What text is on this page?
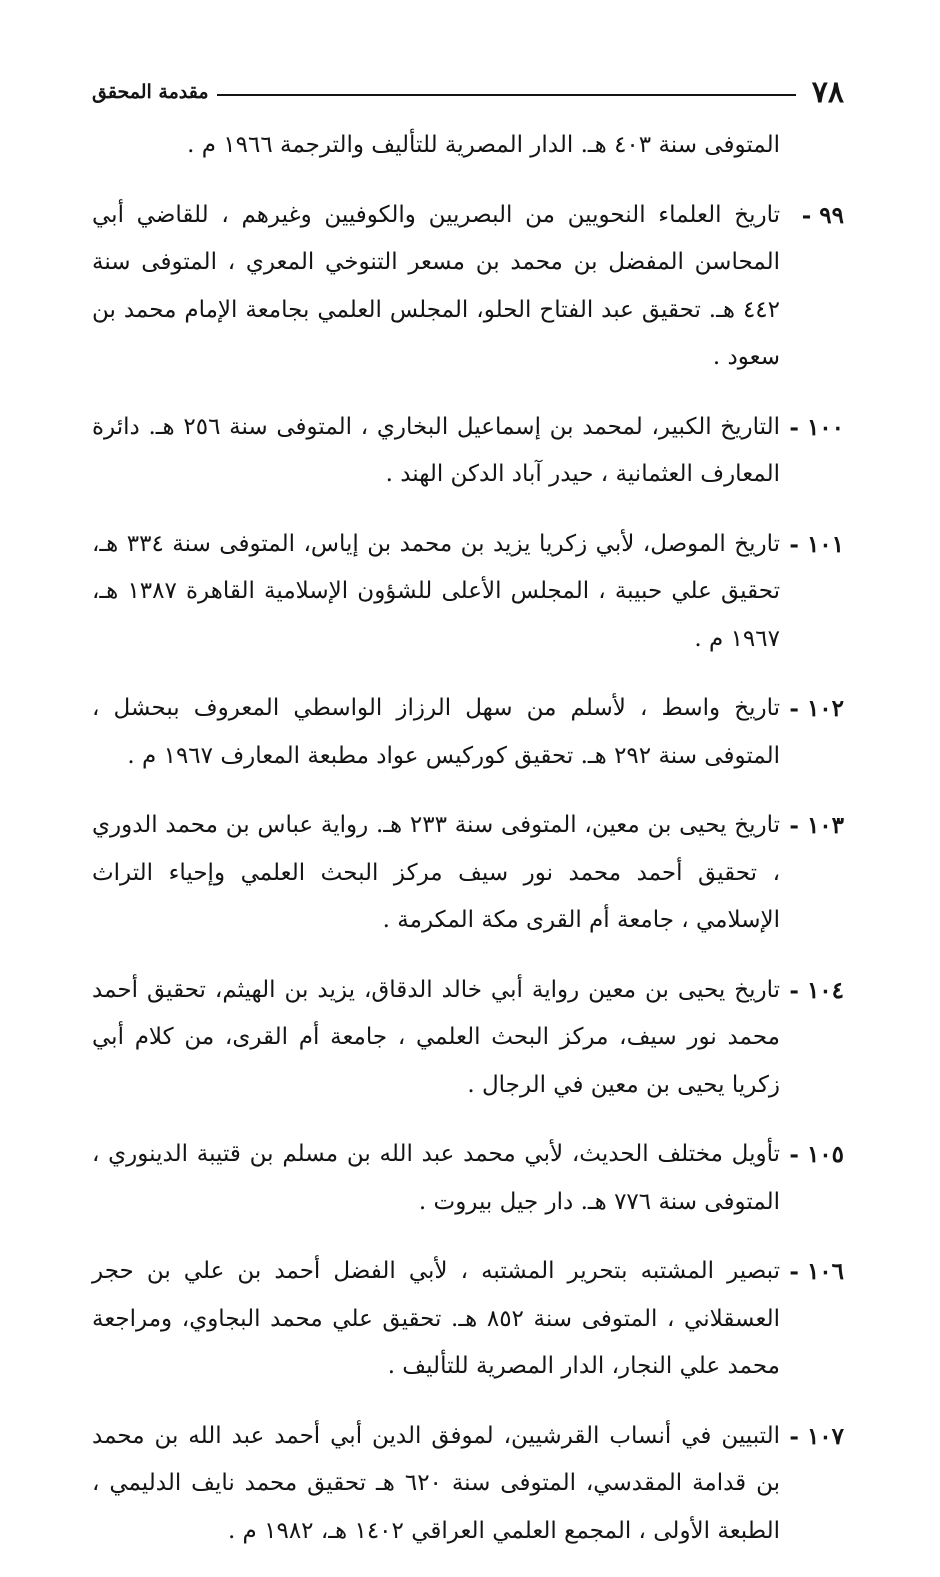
٧٨
مقدمة المحقق

المتوفى سنة ٤٠٣ هـ. الدار المصرية للتأليف والترجمة ١٩٦٦ م .

٩٩ -
تاريخ العلماء النحويين من البصريين والكوفيين وغيرهم ، للقاضي أبي المحاسن المفضل بن محمد بن مسعر التنوخي المعري ، المتوفى سنة ٤٤٢ هـ. تحقيق عبد الفتاح الحلو، المجلس العلمي بجامعة الإمام محمد بن سعود .
١٠٠ -
التاريخ الكبير، لمحمد بن إسماعيل البخاري ، المتوفى سنة ٢٥٦ هـ. دائرة المعارف العثمانية ، حيدر آباد الدكن الهند .
١٠١ -
تاريخ الموصل، لأبي زكريا يزيد بن محمد بن إياس، المتوفى سنة ٣٣٤ هـ، تحقيق علي حبيبة ، المجلس الأعلى للشؤون الإسلامية القاهرة ١٣٨٧ هـ، ١٩٦٧ م .
١٠٢ -
تاريخ واسط ، لأسلم من سهل الرزاز الواسطي المعروف ببحشل ، المتوفى سنة ٢٩٢ هـ. تحقيق كوركيس عواد مطبعة المعارف ١٩٦٧ م .
١٠٣ -
تاريخ يحيى بن معين، المتوفى سنة ٢٣٣ هـ. رواية عباس بن محمد الدوري ، تحقيق أحمد محمد نور سيف مركز البحث العلمي وإحياء التراث الإسلامي ، جامعة أم القرى مكة المكرمة .
١٠٤ -
تاريخ يحيى بن معين رواية أبي خالد الدقاق، يزيد بن الهيثم، تحقيق أحمد محمد نور سيف، مركز البحث العلمي ، جامعة أم القرى، من كلام أبي زكريا يحيى بن معين في الرجال .
١٠٥ -
تأويل مختلف الحديث، لأبي محمد عبد الله بن مسلم بن قتيبة الدينوري ، المتوفى سنة ٧٧٦ هـ. دار جيل بيروت .
١٠٦ -
تبصير المشتبه بتحرير المشتبه ، لأبي الفضل أحمد بن علي بن حجر العسقلاني ، المتوفى سنة ٨٥٢ هـ. تحقيق علي محمد البجاوي، ومراجعة محمد علي النجار، الدار المصرية للتأليف .
١٠٧ -
التبيين في أنساب القرشيين، لموفق الدين أبي أحمد عبد الله بن محمد بن قدامة المقدسي، المتوفى سنة ٦٢٠ هـ تحقيق محمد نايف الدليمي ، الطبعة الأولى ، المجمع العلمي العراقي ١٤٠٢ هـ، ١٩٨٢ م .
